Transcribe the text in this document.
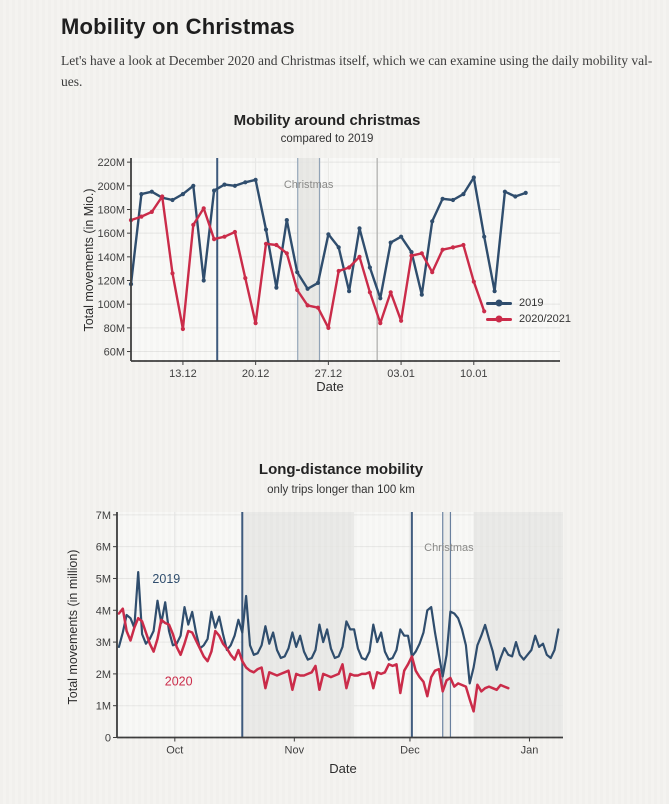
Mobility on Christmas

Let's have a look at December 2020 and Christmas itself, which we can examine using the daily mobility val-
ues.

60M
80M
100M
120M
140M
160M
180M
200M
220M
13.12	20.12	27.12	03.01	10.01
Christmas
Mobility around christmas
compared to 2019
Total movements (in Mio.)
Date
2019
2020/2021
0
1M
2M
3M
4M
5M
6M
7M
Oct	Nov	Dec	Jan
2019
2020
Christmas
Long-distance mobility
only trips longer than 100 km
Total movements (in million)
Date
